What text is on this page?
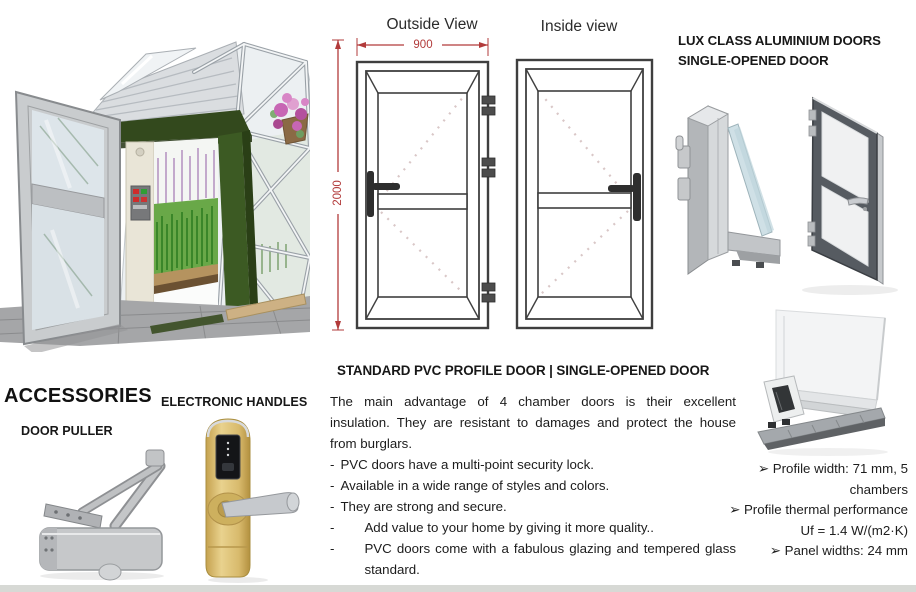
Outside View	Inside view
900
2000
LUX CLASS ALUMINIUM DOORS
SINGLE-OPENED DOOR
STANDARD PVC PROFILE DOOR | SINGLE-OPENED DOOR
The main advantage of 4 chamber doors is their excellent
insulation. They are resistant to damages and protect the house
from burglars.
- PVC doors have a multi-point security lock.
- Available in a wide range of styles and colors.
- They are strong and secure.
- Add value to your home by giving it more quality..
- PVC doors come with a fabulous glazing and tempered glass
standard.
➢ Profile width: 71 mm, 5
chambers
➢ Profile thermal performance
Uf = 1.4 W/(m2·K)
➢ Panel widths: 24 mm
ACCESSORIES
DOOR PULLER
ELECTRONIC HANDLES
